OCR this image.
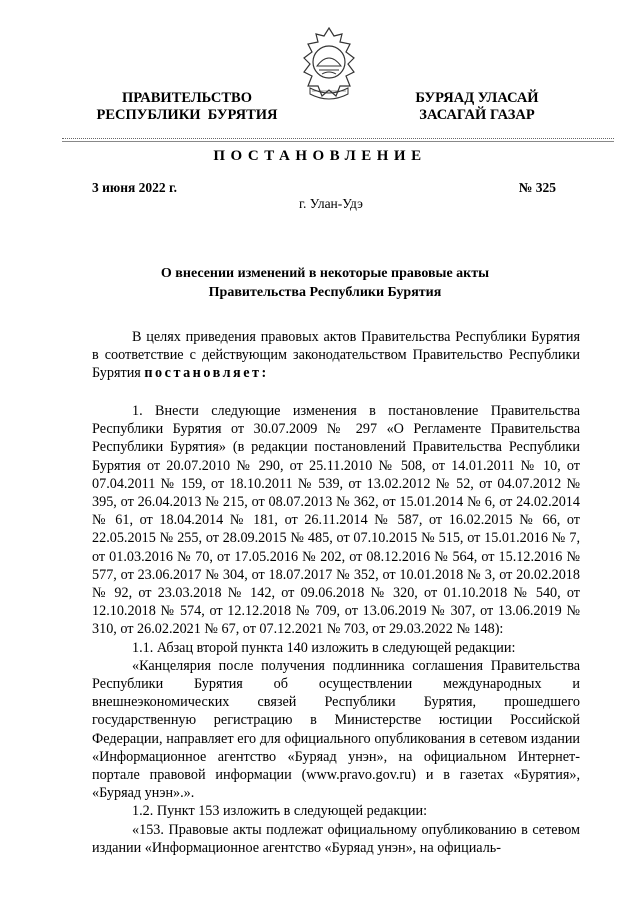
ПРАВИТЕЛЬСТВО
РЕСПУБЛИКИ  БУРЯТИЯ
БУРЯАД УЛАСАЙ
ЗАСАГАЙ ГАЗАР
ПОСТАНОВЛЕНИЕ
3 июня 2022 г.	№ 325
г. Улан-Удэ
О внесении изменений в некоторые правовые акты
Правительства Республики Бурятия

В целях приведения правовых актов Правительства Республики Бурятия в соответствие с действующим законодательством Правительство Республики Бурятия постановляет:

1. Внести следующие изменения в постановление Правительства Республики Бурятия от 30.07.2009 № 297 «О Регламенте Правительства Республики Бурятия» (в редакции постановлений Правительства Республики Бурятия от 20.07.2010 № 290, от 25.11.2010 № 508, от 14.01.2011 № 10, от 07.04.2011 № 159, от 18.10.2011 № 539, от 13.02.2012 № 52, от 04.07.2012 № 395, от 26.04.2013 № 215, от 08.07.2013 № 362, от 15.01.2014 № 6, от 24.02.2014 № 61, от 18.04.2014 № 181, от 26.11.2014 № 587, от 16.02.2015 № 66, от 22.05.2015 № 255, от 28.09.2015 № 485, от 07.10.2015 № 515, от 15.01.2016 № 7, от 01.03.2016 № 70, от 17.05.2016 № 202, от 08.12.2016 № 564, от 15.12.2016 № 577, от 23.06.2017 № 304, от 18.07.2017 № 352, от 10.01.2018 № 3, от 20.02.2018 № 92, от 23.03.2018 № 142, от 09.06.2018 № 320, от 01.10.2018 № 540, от 12.10.2018 № 574, от 12.12.2018 № 709, от 13.06.2019 № 307, от 13.06.2019 № 310, от 26.02.2021 № 67, от 07.12.2021 № 703, от 29.03.2022 № 148):

1.1. Абзац второй пункта 140 изложить в следующей редакции:

«Канцелярия после получения подлинника соглашения Правительства Республики Бурятия об осуществлении международных и внешнеэкономических связей Республики Бурятия, прошедшего государственную регистрацию в Министерстве юстиции Российской Федерации, направляет его для официального опубликования в сетевом издании «Информационное агентство «Буряад унэн», на официальном Интернет-портале правовой информации (www.pravo.gov.ru) и в газетах «Бурятия», «Буряад унэн».».

1.2. Пункт 153 изложить в следующей редакции:

«153. Правовые акты подлежат официальному опубликованию в сетевом издании «Информационное агентство «Буряад унэн», на официаль-
